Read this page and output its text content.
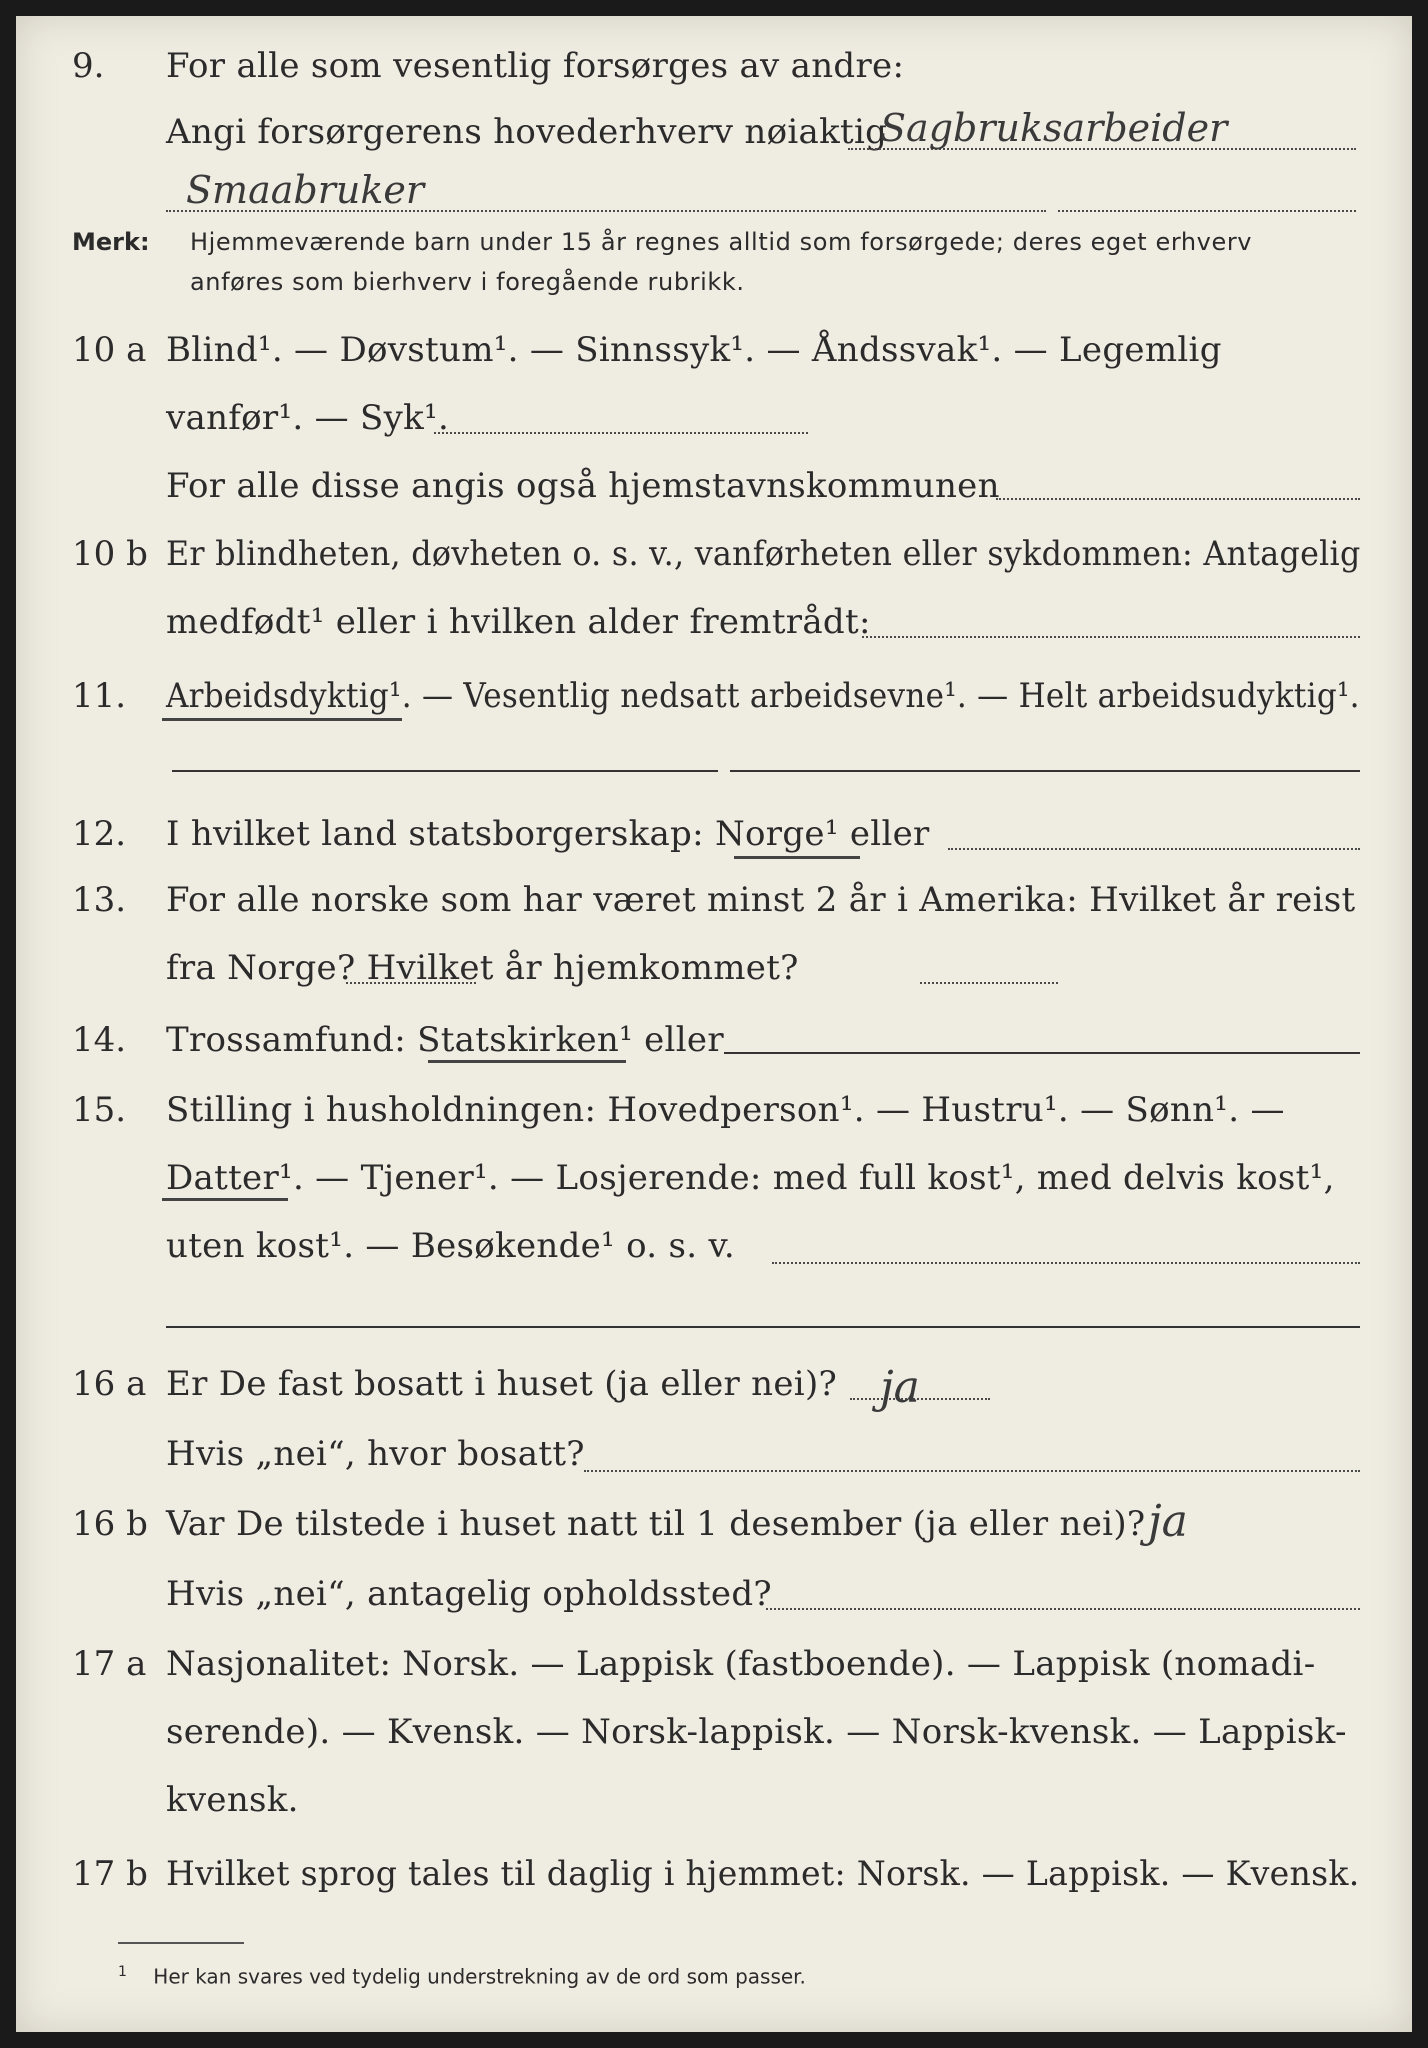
9. For alle som vesentlig forsørges av andre:
Angi forsørgerens hovederhverv nøiaktig
Sagbruksarbeider
Smaabruker
Merk: Hjemmeværende barn under 15 år regnes alltid som forsørgede; deres eget erhverv
anføres som bierhverv i foregående rubrikk.
10 a Blind¹. — Døvstum¹. — Sinnssyk¹. — Åndssvak¹. — Legemlig
vanfør¹. — Syk¹.
For alle disse angis også hjemstavnskommunen
10 b Er blindheten, døvheten o. s. v., vanførheten eller sykdommen: Antagelig
medfødt¹ eller i hvilken alder fremtrådt:
11. Arbeidsdyktig¹. — Vesentlig nedsatt arbeidsevne¹. — Helt arbeidsudyktig¹.
12. I hvilket land statsborgerskap: Norge¹ eller
13. For alle norske som har været minst 2 år i Amerika: Hvilket år reist
fra Norge? Hvilket år hjemkommet?
14. Trossamfund: Statskirken¹ eller
15. Stilling i husholdningen: Hovedperson¹. — Hustru¹. — Sønn¹. —
Datter¹. — Tjener¹. — Losjerende: med full kost¹, med delvis kost¹,
uten kost¹. — Besøkende¹ o. s. v.
16 a Er De fast bosatt i huset (ja eller nei)? ja
Hvis „nei“, hvor bosatt?
16 b Var De tilstede i huset natt til 1 desember (ja eller nei)? ja
Hvis „nei“, antagelig opholdssted?
17 a Nasjonalitet: Norsk. — Lappisk (fastboende). — Lappisk (nomadi-
serende). — Kvensk. — Norsk-lappisk. — Norsk-kvensk. — Lappisk-
kvensk.
17 b Hvilket sprog tales til daglig i hjemmet: Norsk. — Lappisk. — Kvensk.
$^1$ Her kan svares ved tydelig understrekning av de ord som passer.
